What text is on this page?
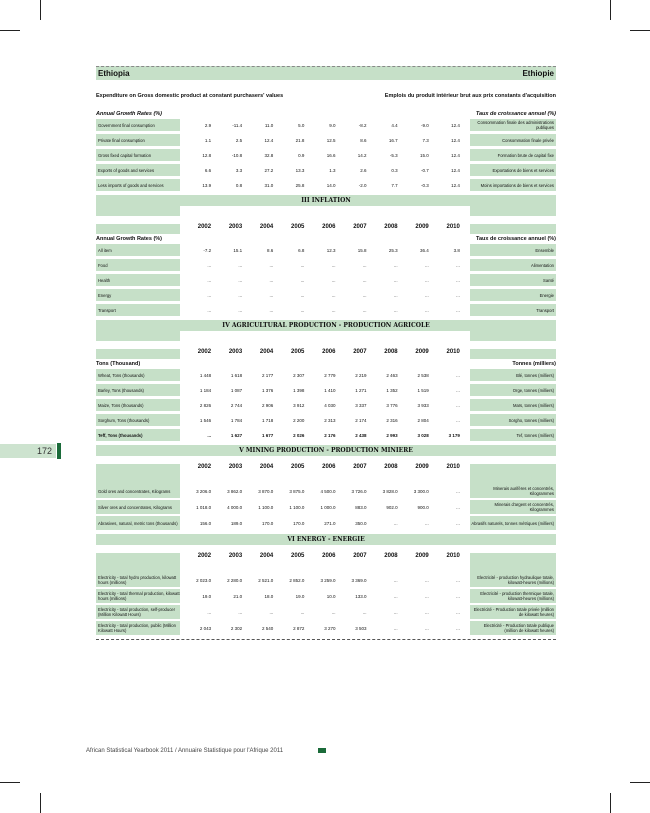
172
Ethiopia	Ethiopie
Expenditure on Gross domestic product at constant purchasers' values	Emplois du produit intérieur brut aux prix constants d'acquisition
Annual Growth Rates (%)	Taux de croissance annuel (%)
Government final consumption	2.9	-11.4	11.0	5.0	9.0	-8.2	4.4	-9.0	12.4	Consommation finale des administrations publiques
Private final consumption	1.1	2.5	12.4	21.8	12.5	8.6	16.7	7.3	12.4	Consommation finale privée
Gross fixed capital formation	12.8	-10.8	32.8	0.9	16.6	14.2	-5.3	15.0	12.4	Formation brute de capital fixe
Exports of goods and services	6.6	3.3	27.2	13.3	1.3	2.6	0.3	-0.7	12.4	Exportations de biens et services
Less imports of goods and services	13.9	0.8	31.0	25.8	14.0	-2.0	7.7	-0.3	12.4	Moins importations de biens et services
III INFLATION
2002	2003	2004	2005	2006	2007	2008	2009	2010
Annual Growth Rates (%)	Taux de croissance annuel (%)
All item	-7.2	15.1	8.6	6.8	12.3	15.8	25.3	36.4	3.8	Ensemble
Food	...	...	...	...	...	...	...	...	...	Alimentation
Health	...	...	...	...	...	...	...	...	...	Santé
Energy	...	...	...	...	...	...	...	...	...	Energie
Transport	...	...	...	...	...	...	...	...	...	Transport
IV AGRICULTURAL PRODUCTION - PRODUCTION AGRICOLE
2002	2003	2004	2005	2006	2007	2008	2009	2010
Tons (Thousand)	Tonnes (milliers)
Wheat, Tons (thousands)	1 448	1 618	2 177	2 307	2 779	2 219	2 463	2 538	...	Blé, tonnes (milliers)
Barley, Tons (thousands)	1 184	1 087	1 376	1 398	1 410	1 271	1 352	1 519	...	Orge, tonnes (milliers)
Maize, Tons (thousands)	2 826	2 744	2 906	3 912	4 030	3 337	3 776	3 933	...	Maïs, tonnes (milliers)
Sorghum, Tons (thousands)	1 546	1 784	1 718	2 200	2 313	2 174	2 316	2 804	...	Sorgho, tonnes (milliers)
Teff, Tons (thousands)	...	1 627	1 677	2 026	2 176	2 438	2 993	3 028	3 179	Tef, tonnes (milliers)
V MINING PRODUCTION - PRODUCTION MINIERE
2002	2003	2004	2005	2006	2007	2008	2009	2010
Gold ores and concentrates, Kilograms	3 206.0	3 862.0	3 870.0	3 875.0	4 500.0	3 726.0	3 828.0	3 300.0	...	Minerais aurifères et concentrés, Kilogrammes
Silver ores and concentrates, Kilograms	1 018.0	4 000.0	1 100.0	1 100.0	1 000.0	883.0	902.0	900.0	...	Minerais d'argent et concentrés, Kilogrammes
Abrasives, natural, metric tons (thousands)	156.0	189.0	170.0	170.0	271.0	350.0	...	...	...	Abrasifs naturels, tonnes métriques (milliers)
VI ENERGY - ENERGIE
2002	2003	2004	2005	2006	2007	2008	2009	2010
Electricity - total hydro production, kilowatt hours (millions)	2 023.0	2 280.0	2 521.0	2 852.0	3 259.0	3 369.0	...	...	...	Electricité - production hydraulique totale, kilowatt-heures (millions)
Electricity - total thermal production, kilowatt hours (millions)	19.0	21.0	18.0	19.0	10.0	133.0	...	...	...	Electricité - production thermique totale, kilowatt-heures (millions)
Electricity - total production, self-producer (Million Kilowatt Hours)	...	...	...	...	...	...	...	...	...	Electricité - Production totale privée (million de kilowatt heures)
Electricity - total production, public (Million Kilowatt Hours)	2 043	2 302	2 540	2 872	3 270	3 503	...	...	...	Electricité - Production totale publique (million de kilowatt heures)
African Statistical Yearbook 2011 / Annuaire Statistique pour l'Afrique 2011
